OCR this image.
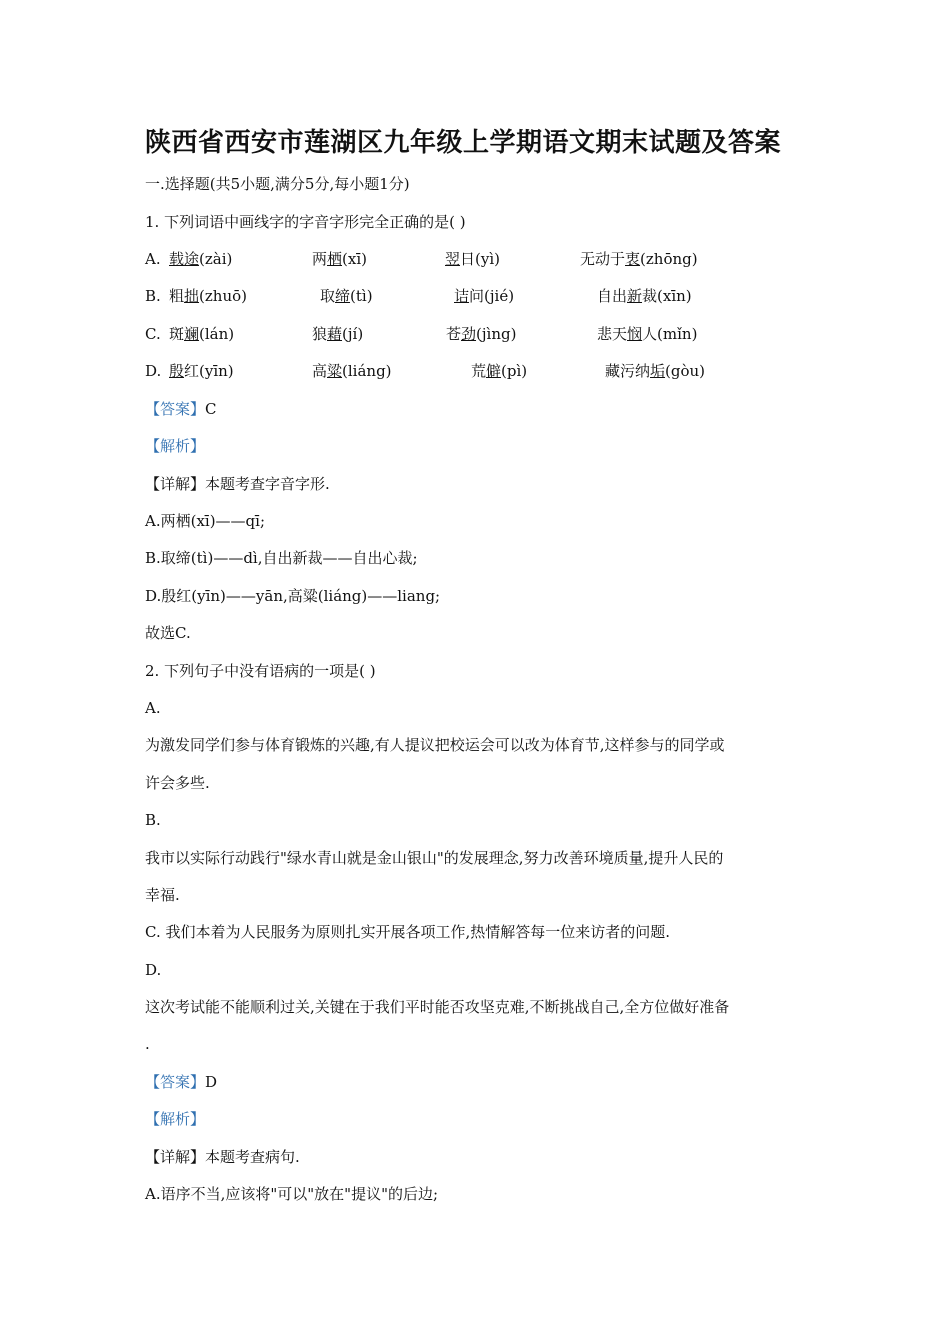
陕西省西安市莲湖区九年级上学期语文期末试题及答案
一.选择题(共5小题,满分5分,每小题1分)
1. 下列词语中画线字的字音字形完全正确的是( )
A. 载途(zài)	两栖(xī)	翌日(yì)	无动于衷(zhōng)
B. 粗拙(zhuō)	取缔(tì)	诘问(jié)	自出新裁(xīn)
C. 斑斓(lán)	狼藉(jí)	苍劲(jìng)	悲天悯人(mǐn)
D. 殷红(yīn)	高粱(liáng)	荒僻(pì)	藏污纳垢(gòu)
【答案】C
【解析】
【详解】本题考查字音字形.
A.两栖(xī)——qī;
B.取缔(tì)——dì,自出新裁——自出心裁;
D.殷红(yīn)——yān,高粱(liáng)——liang;
故选C.
2. 下列句子中没有语病的一项是( )
A.
为激发同学们参与体育锻炼的兴趣,有人提议把校运会可以改为体育节,这样参与的同学或
许会多些.
B.
我市以实际行动践行"绿水青山就是金山银山"的发展理念,努力改善环境质量,提升人民的
幸福.
C. 我们本着为人民服务为原则扎实开展各项工作,热情解答每一位来访者的问题.
D.
这次考试能不能顺利过关,关键在于我们平时能否攻坚克难,不断挑战自己,全方位做好准备
.
【答案】D
【解析】
【详解】本题考查病句.
A.语序不当,应该将"可以"放在"提议"的后边;
